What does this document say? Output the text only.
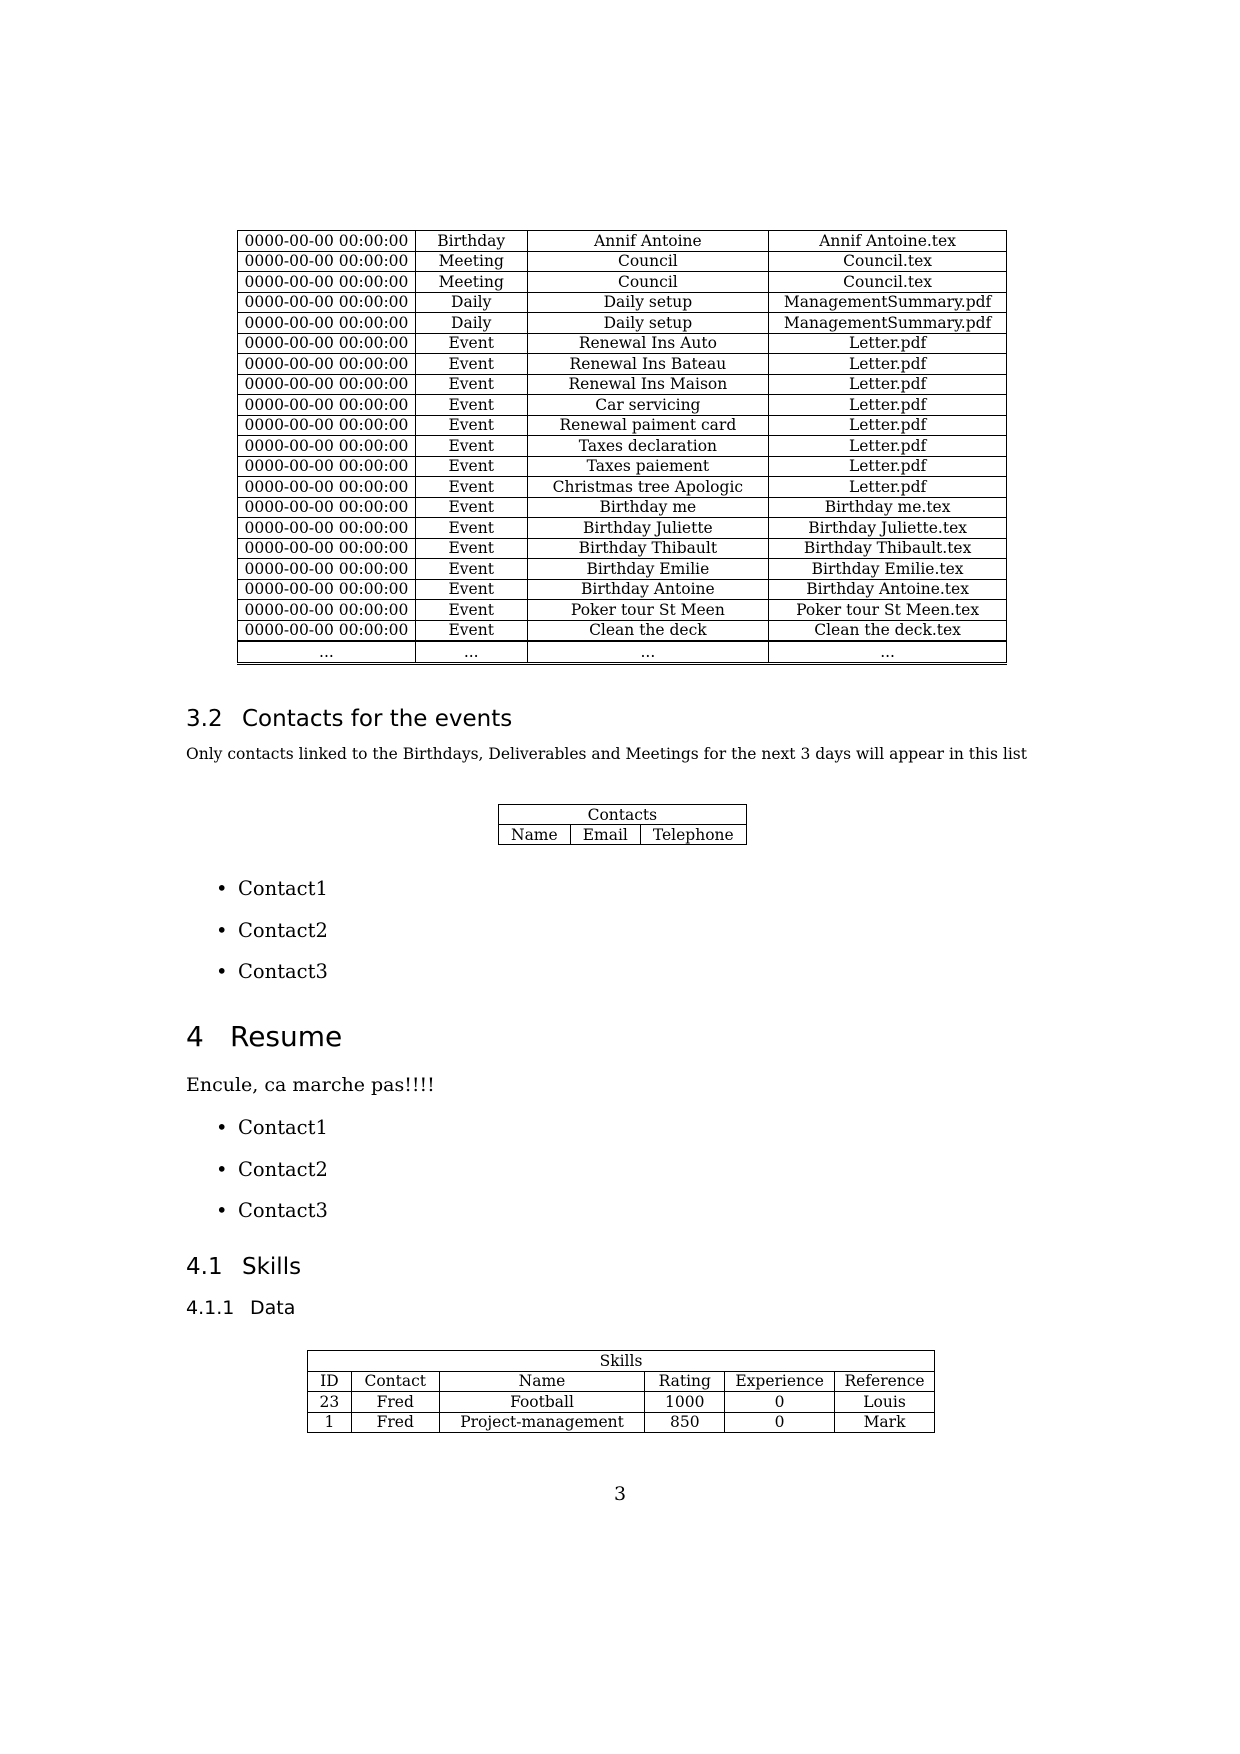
0000-00-00 00:00:00	Birthday	Annif Antoine	Annif Antoine.tex
0000-00-00 00:00:00	Meeting	Council	Council.tex
0000-00-00 00:00:00	Meeting	Council	Council.tex
0000-00-00 00:00:00	Daily	Daily setup	ManagementSummary.pdf
0000-00-00 00:00:00	Daily	Daily setup	ManagementSummary.pdf
0000-00-00 00:00:00	Event	Renewal Ins Auto	Letter.pdf
0000-00-00 00:00:00	Event	Renewal Ins Bateau	Letter.pdf
0000-00-00 00:00:00	Event	Renewal Ins Maison	Letter.pdf
0000-00-00 00:00:00	Event	Car servicing	Letter.pdf
0000-00-00 00:00:00	Event	Renewal paiment card	Letter.pdf
0000-00-00 00:00:00	Event	Taxes declaration	Letter.pdf
0000-00-00 00:00:00	Event	Taxes paiement	Letter.pdf
0000-00-00 00:00:00	Event	Christmas tree Apologic	Letter.pdf
0000-00-00 00:00:00	Event	Birthday me	Birthday me.tex
0000-00-00 00:00:00	Event	Birthday Juliette	Birthday Juliette.tex
0000-00-00 00:00:00	Event	Birthday Thibault	Birthday Thibault.tex
0000-00-00 00:00:00	Event	Birthday Emilie	Birthday Emilie.tex
0000-00-00 00:00:00	Event	Birthday Antoine	Birthday Antoine.tex
0000-00-00 00:00:00	Event	Poker tour St Meen	Poker tour St Meen.tex
0000-00-00 00:00:00	Event	Clean the deck	Clean the deck.tex
...	...	...	...
3.2 Contacts for the events

Only contacts linked to the Birthdays, Deliverables and Meetings for the next 3 days will appear in this list

Contacts
Name	Email	Telephone
• Contact1
• Contact2
• Contact3
4 Resume

Encule, ca marche pas!!!!

• Contact1
• Contact2
• Contact3
4.1 Skills
4.1.1 Data
Skills					
ID	Contact	Name	Rating	Experience	Reference
23	Fred	Football	1000	0	Louis
1	Fred	Project-management	850	0	Mark

3
